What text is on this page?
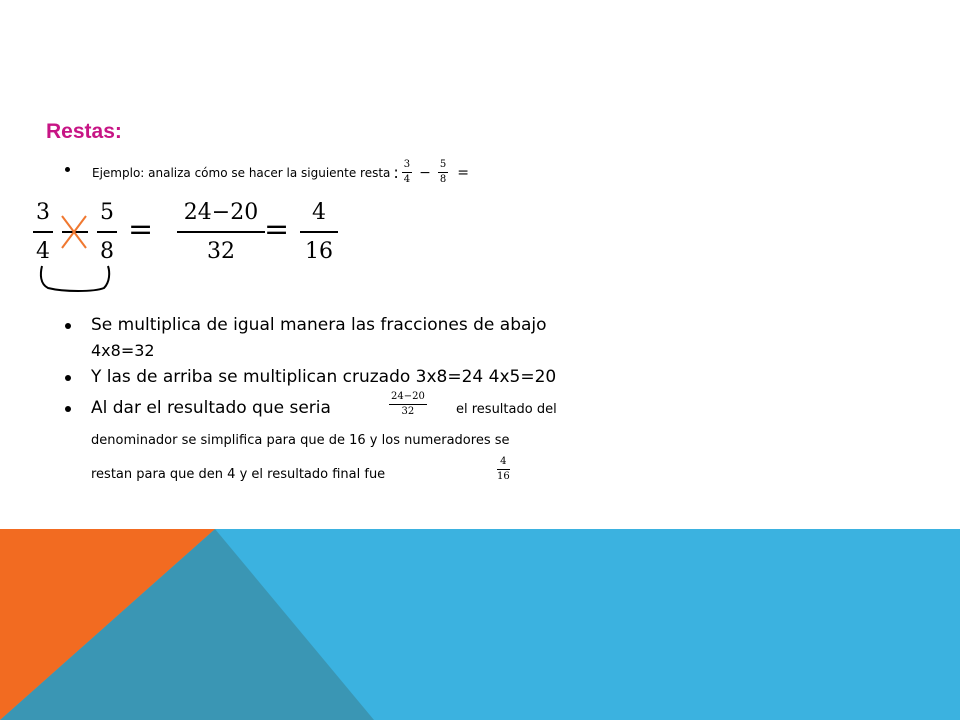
Restas:
Ejemplo: analiza cómo se hacer la siguiente resta : $\frac{3}{4} - \frac{5}{8}$ =
$\frac{3}{4} \frac{5}{8} = \frac{24-20}{32} = \frac{4}{16}$
Se multiplica de igual manera las fracciones de abajo
4x8=32
Y las de arriba se multiplican cruzado 3x8=24 4x5=20
Al dar el resultado que seria	$\frac{24-20}{32}$ el resultado del
denominador se simplifica para que de 16 y los numeradores se
restan para que den 4 y el resultado final fue	$\frac{4}{16}$
